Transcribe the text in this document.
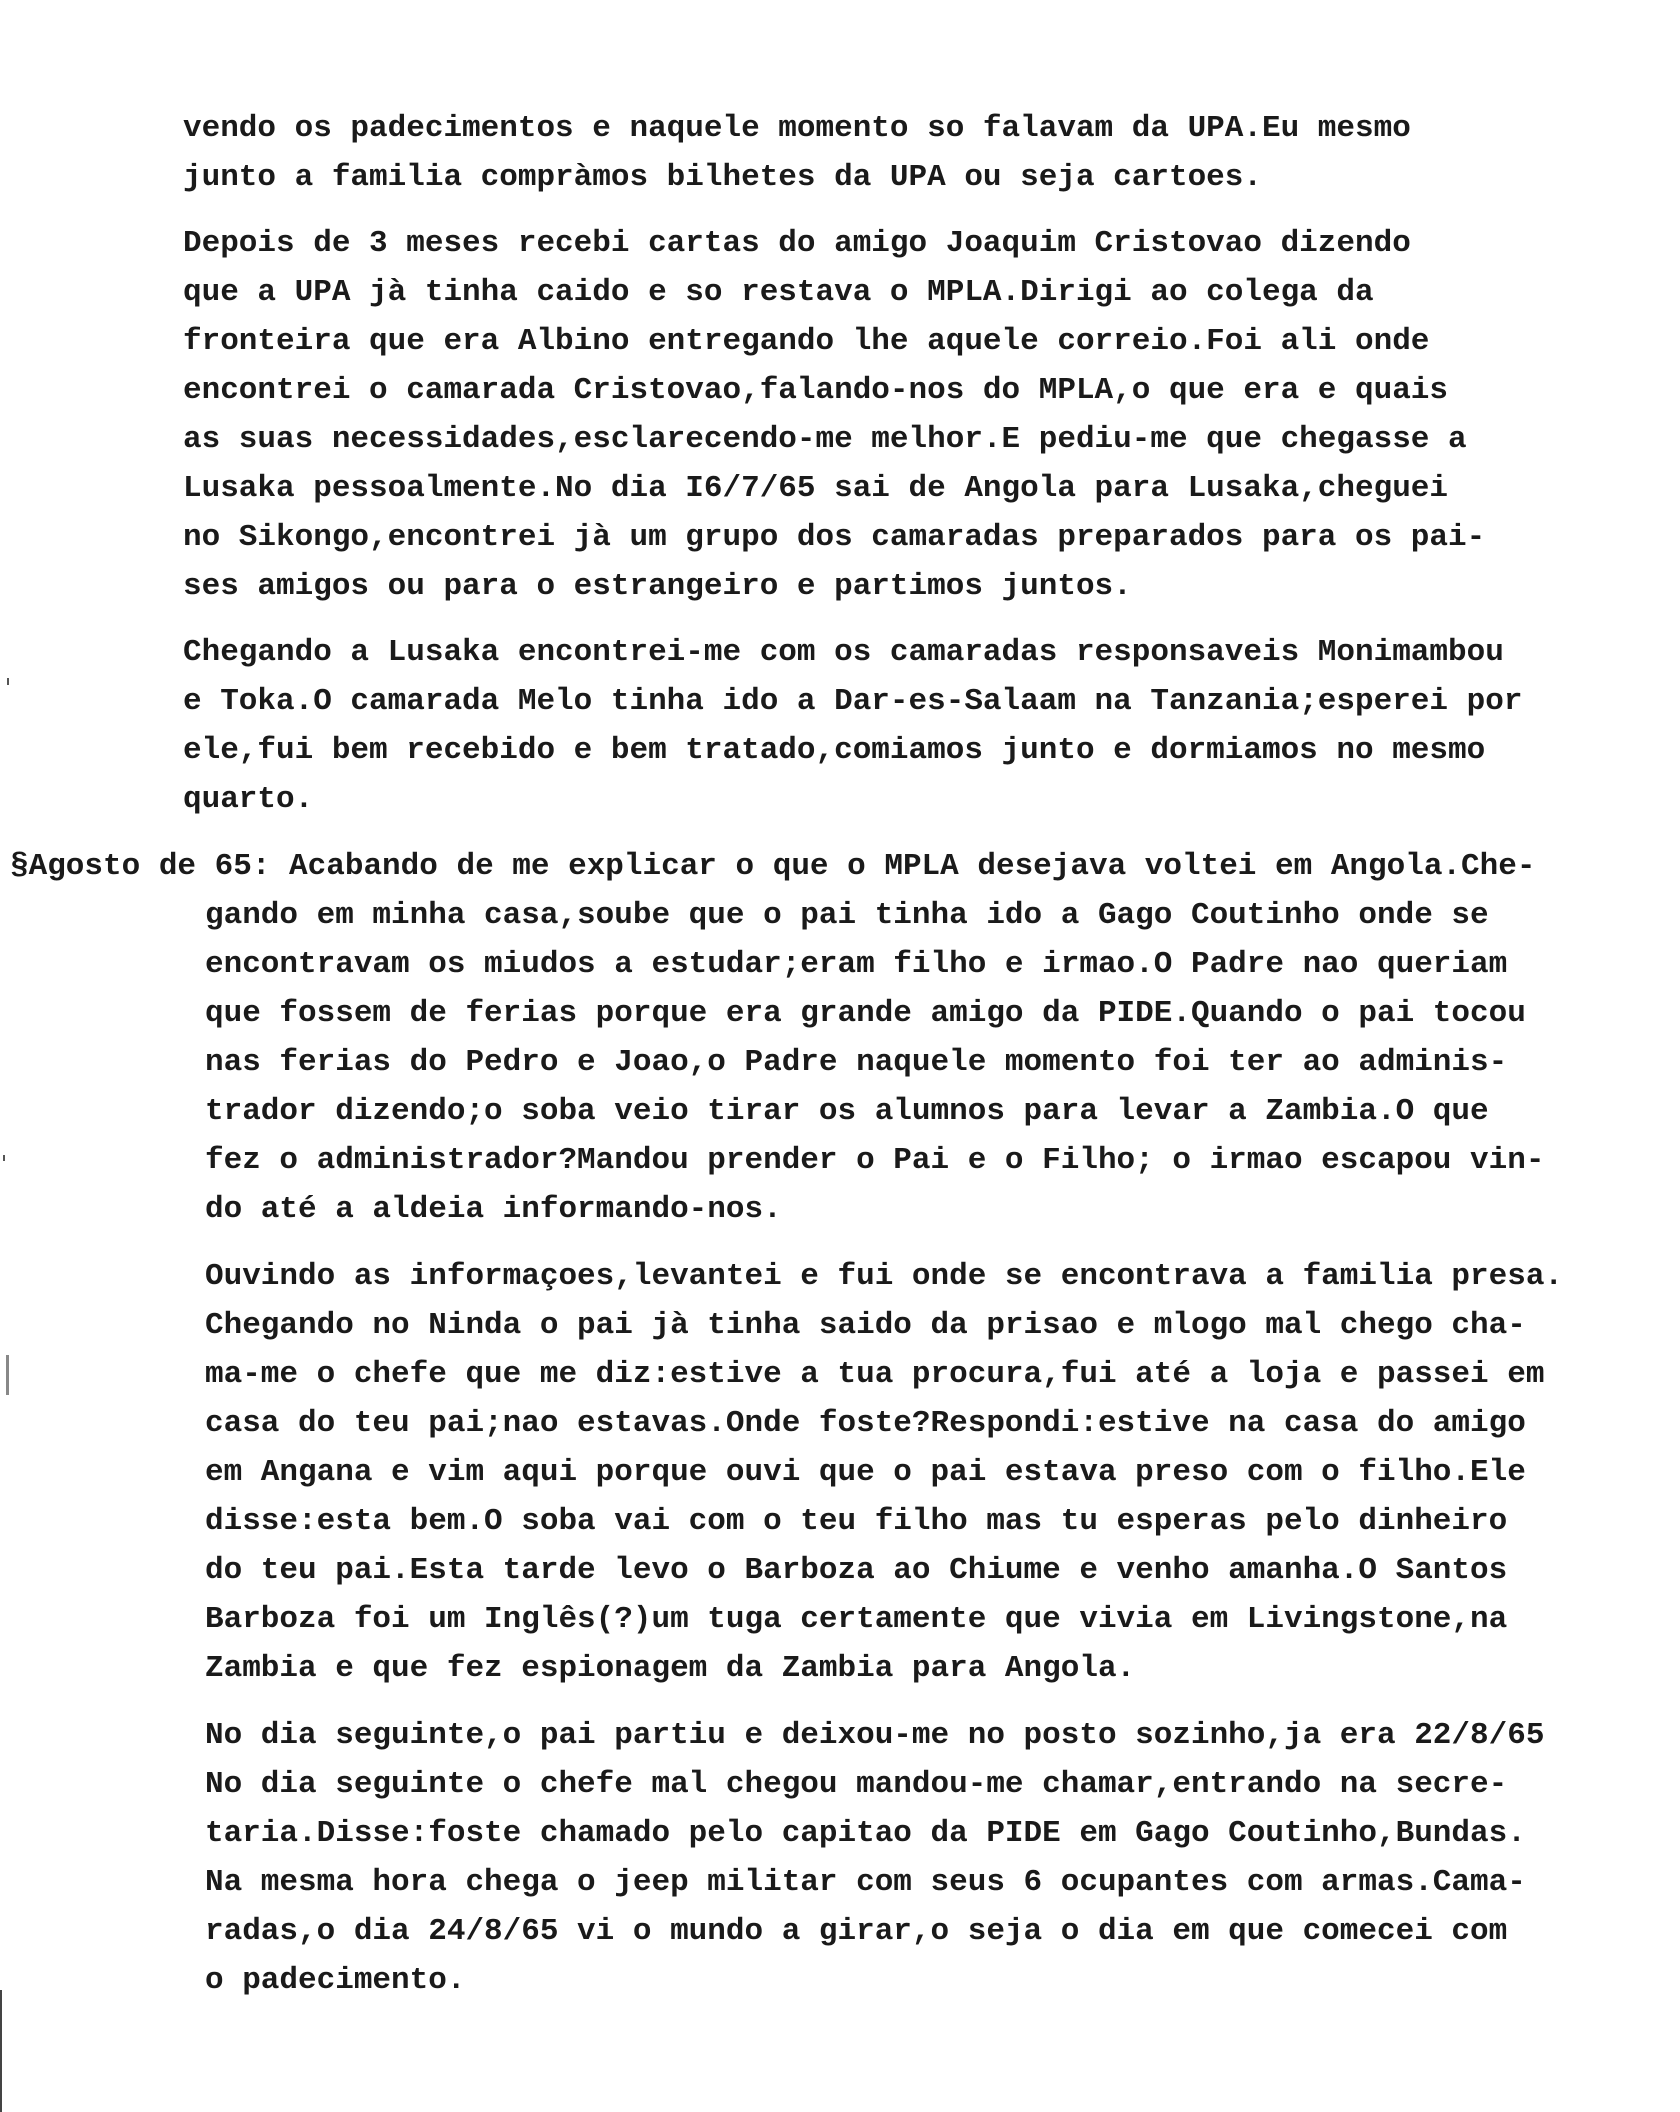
vendo os padecimentos e naquele momento so falavam da UPA.Eu mesmo
junto a familia compràmos bilhetes da UPA ou seja cartoes.
Depois de 3 meses recebi cartas do amigo Joaquim Cristovao dizendo
que a UPA jà tinha caido e so restava o MPLA.Dirigi ao colega da
fronteira que era Albino entregando lhe aquele correio.Foi ali onde
encontrei o camarada Cristovao,falando-nos do MPLA,o que era e quais
as suas necessidades,esclarecendo-me melhor.E pediu-me que chegasse a
Lusaka pessoalmente.No dia I6/7/65 sai de Angola para Lusaka,cheguei
no Sikongo,encontrei jà um grupo dos camaradas preparados para os pai-
ses amigos ou para o estrangeiro e partimos juntos.
Chegando a Lusaka encontrei-me com os camaradas responsaveis Monimambou
e Toka.O camarada Melo tinha ido a Dar-es-Salaam na Tanzania;esperei por
ele,fui bem recebido e bem tratado,comiamos junto e dormiamos no mesmo
quarto.
§Agosto de 65: Acabando de me explicar o que o MPLA desejava voltei em Angola.Che-
gando em minha casa,soube que o pai tinha ido a Gago Coutinho onde se
encontravam os miudos a estudar;eram filho e irmao.O Padre nao queriam
que fossem de ferias porque era grande amigo da PIDE.Quando o pai tocou
nas ferias do Pedro e Joao,o Padre naquele momento foi ter ao adminis-
trador dizendo;o soba veio tirar os alumnos para levar a Zambia.O que
fez o administrador?Mandou prender o Pai e o Filho; o irmao escapou vin-
do até a aldeia informando-nos.
Ouvindo as informaçoes,levantei e fui onde se encontrava a familia presa.
Chegando no Ninda o pai jà tinha saido da prisao e mlogo mal chego cha-
ma-me o chefe que me diz:estive a tua procura,fui até a loja e passei em
casa do teu pai;nao estavas.Onde foste?Respondi:estive na casa do amigo
em Angana e vim aqui porque ouvi que o pai estava preso com o filho.Ele
disse:esta bem.O soba vai com o teu filho mas tu esperas pelo dinheiro
do teu pai.Esta tarde levo o Barboza ao Chiume e venho amanha.O Santos
Barboza foi um Inglês(?)um tuga certamente que vivia em Livingstone,na
Zambia e que fez espionagem da Zambia para Angola.
No dia seguinte,o pai partiu e deixou-me no posto sozinho,ja era 22/8/65
No dia seguinte o chefe mal chegou mandou-me chamar,entrando na secre-
taria.Disse:foste chamado pelo capitao da PIDE em Gago Coutinho,Bundas.
Na mesma hora chega o jeep militar com seus 6 ocupantes com armas.Cama-
radas,o dia 24/8/65 vi o mundo a girar,o seja o dia em que comecei com
o padecimento.
